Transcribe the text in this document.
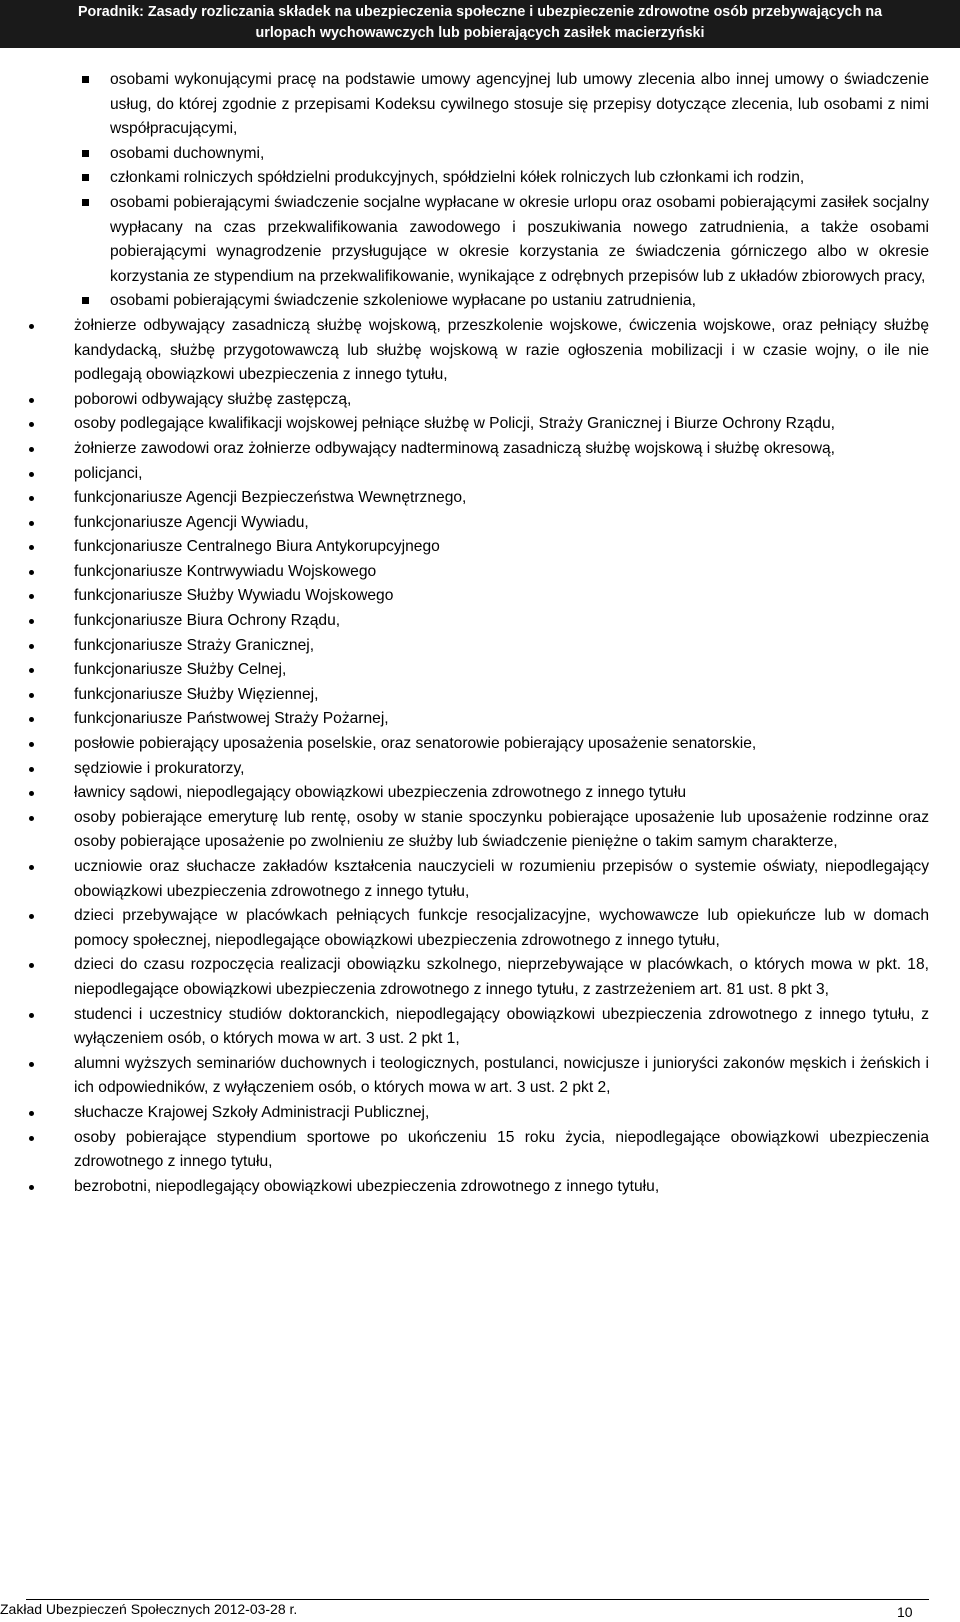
Poradnik: Zasady rozliczania składek na ubezpieczenia społeczne i ubezpieczenie zdrowotne osób przebywających na
urlopach wychowawczych lub pobierających zasiłek macierzyński
osobami wykonującymi pracę na podstawie umowy agencyjnej lub umowy zlecenia albo innej umowy o świadczenie usług, do której zgodnie z przepisami Kodeksu cywilnego stosuje się przepisy dotyczące zlecenia, lub osobami z nimi współpracującymi,
osobami duchownymi,
członkami rolniczych spółdzielni produkcyjnych, spółdzielni kółek rolniczych lub członkami ich rodzin,
osobami pobierającymi świadczenie socjalne wypłacane w okresie urlopu oraz osobami pobierającymi zasiłek socjalny wypłacany na czas przekwalifikowania zawodowego i poszukiwania nowego zatrudnienia, a także osobami pobierającymi wynagrodzenie przysługujące w okresie korzystania ze świadczenia górniczego albo w okresie korzystania ze stypendium na przekwalifikowanie, wynikające z odrębnych przepisów lub z układów zbiorowych pracy,
osobami pobierającymi świadczenie szkoleniowe wypłacane po ustaniu zatrudnienia,
żołnierze odbywający zasadniczą służbę wojskową, przeszkolenie wojskowe, ćwiczenia wojskowe, oraz pełniący służbę kandydacką, służbę przygotowawczą lub służbę wojskową w razie ogłoszenia mobilizacji i w czasie wojny, o ile nie podlegają obowiązkowi ubezpieczenia z innego tytułu,
poborowi odbywający służbę zastępczą,
osoby podlegające kwalifikacji wojskowej pełniące służbę w Policji, Straży Granicznej i Biurze Ochrony Rządu,
żołnierze zawodowi oraz żołnierze odbywający nadterminową zasadniczą służbę wojskową i służbę okresową,
policjanci,
funkcjonariusze Agencji Bezpieczeństwa Wewnętrznego,
funkcjonariusze Agencji Wywiadu,
funkcjonariusze Centralnego Biura Antykorupcyjnego
funkcjonariusze Kontrwywiadu Wojskowego
funkcjonariusze Służby Wywiadu Wojskowego
funkcjonariusze Biura Ochrony Rządu,
funkcjonariusze Straży Granicznej,
funkcjonariusze Służby Celnej,
funkcjonariusze Służby Więziennej,
funkcjonariusze Państwowej Straży Pożarnej,
posłowie pobierający uposażenia poselskie, oraz senatorowie pobierający uposażenie senatorskie,
sędziowie i prokuratorzy,
ławnicy sądowi, niepodlegający obowiązkowi ubezpieczenia zdrowotnego z innego tytułu
osoby pobierające emeryturę lub rentę, osoby w stanie spoczynku pobierające uposażenie lub uposażenie rodzinne oraz osoby pobierające uposażenie po zwolnieniu ze służby lub świadczenie pieniężne o takim samym charakterze,
uczniowie oraz słuchacze zakładów kształcenia nauczycieli w rozumieniu przepisów o systemie oświaty, niepodlegający obowiązkowi ubezpieczenia zdrowotnego z innego tytułu,
dzieci przebywające w placówkach pełniących funkcje resocjalizacyjne, wychowawcze lub opiekuńcze lub w domach pomocy społecznej, niepodlegające obowiązkowi ubezpieczenia zdrowotnego z innego tytułu,
dzieci do czasu rozpoczęcia realizacji obowiązku szkolnego, nieprzebywające w placówkach, o których mowa w pkt. 18, niepodlegające obowiązkowi ubezpieczenia zdrowotnego z innego tytułu, z zastrzeżeniem art. 81 ust. 8 pkt 3,
studenci i uczestnicy studiów doktoranckich, niepodlegający obowiązkowi ubezpieczenia zdrowotnego z innego tytułu, z wyłączeniem osób, o których mowa w art. 3 ust. 2 pkt 1,
alumni wyższych seminariów duchownych i teologicznych, postulanci, nowicjusze i junioryści zakonów męskich i żeńskich i ich odpowiedników, z wyłączeniem osób, o których mowa w art. 3 ust. 2 pkt 2,
słuchacze Krajowej Szkoły Administracji Publicznej,
osoby pobierające stypendium sportowe po ukończeniu 15 roku życia, niepodlegające obowiązkowi ubezpieczenia zdrowotnego z innego tytułu,
bezrobotni, niepodlegający obowiązkowi ubezpieczenia zdrowotnego z innego tytułu,
Zakład Ubezpieczeń Społecznych 2012-03-28 r.	10
